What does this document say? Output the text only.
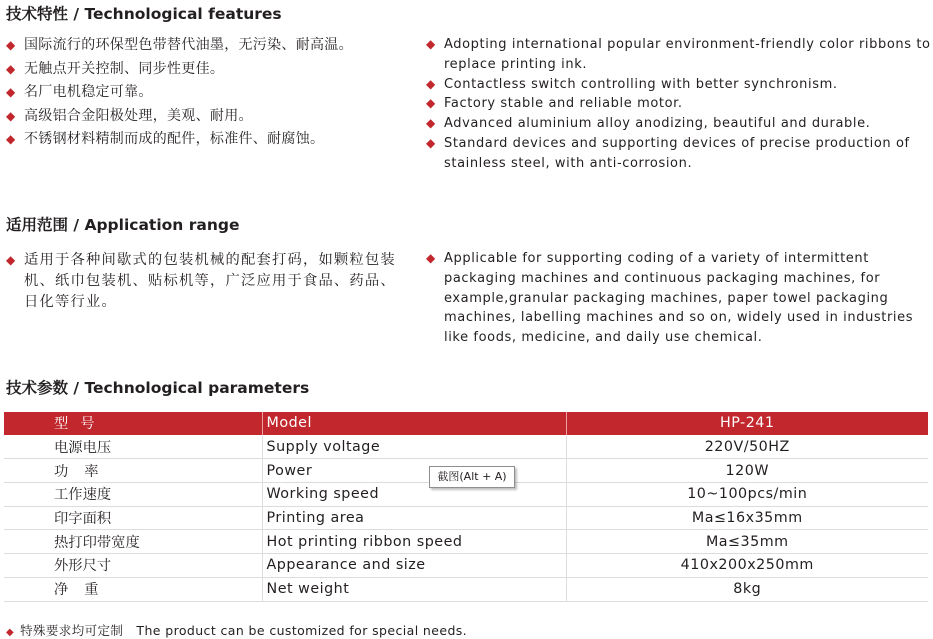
技术特性 / Technological features
◆ 国际流行的环保型色带替代油墨，无污染、耐高温。
◆ 无触点开关控制、同步性更佳。
◆ 名厂电机稳定可靠。
◆ 高级铝合金阳极处理，美观、耐用。
◆ 不锈钢材料精制而成的配件，标准件、耐腐蚀。
◆ Adopting international popular environment-friendly color ribbons to replace printing ink.
◆ Contactless switch controlling with better synchronism.
◆ Factory stable and reliable motor.
◆ Advanced aluminium alloy anodizing, beautiful and durable.
◆ Standard devices and supporting devices of precise production of stainless steel, with anti-corrosion.
适用范围 / Application range
◆ 适用于各种间歇式的包装机械的配套打码，如颗粒包装机、纸巾包装机、贴标机等，广泛应用于食品、药品、日化等行业。
◆ Applicable for supporting coding of a variety of intermittent packaging machines and continuous packaging machines, for example,granular packaging machines, paper towel packaging machines, labelling machines and so on, widely used in industries like foods, medicine, and daily use chemical.
技术参数 / Technological parameters
型号	Model	HP-241
电源电压	Supply voltage	220V/50HZ
功率	Power	120W
工作速度	Working speed	10~100pcs/min
印字面积	Printing area	Ma≤16x35mm
热打印带宽度	Hot printing ribbon speed	Ma≤35mm
外形尺寸	Appearance and size	410x200x250mm
净重	Net weight	8kg
截图(Alt + A)
◆ 特殊要求均可定制 The product can be customized for special needs.
